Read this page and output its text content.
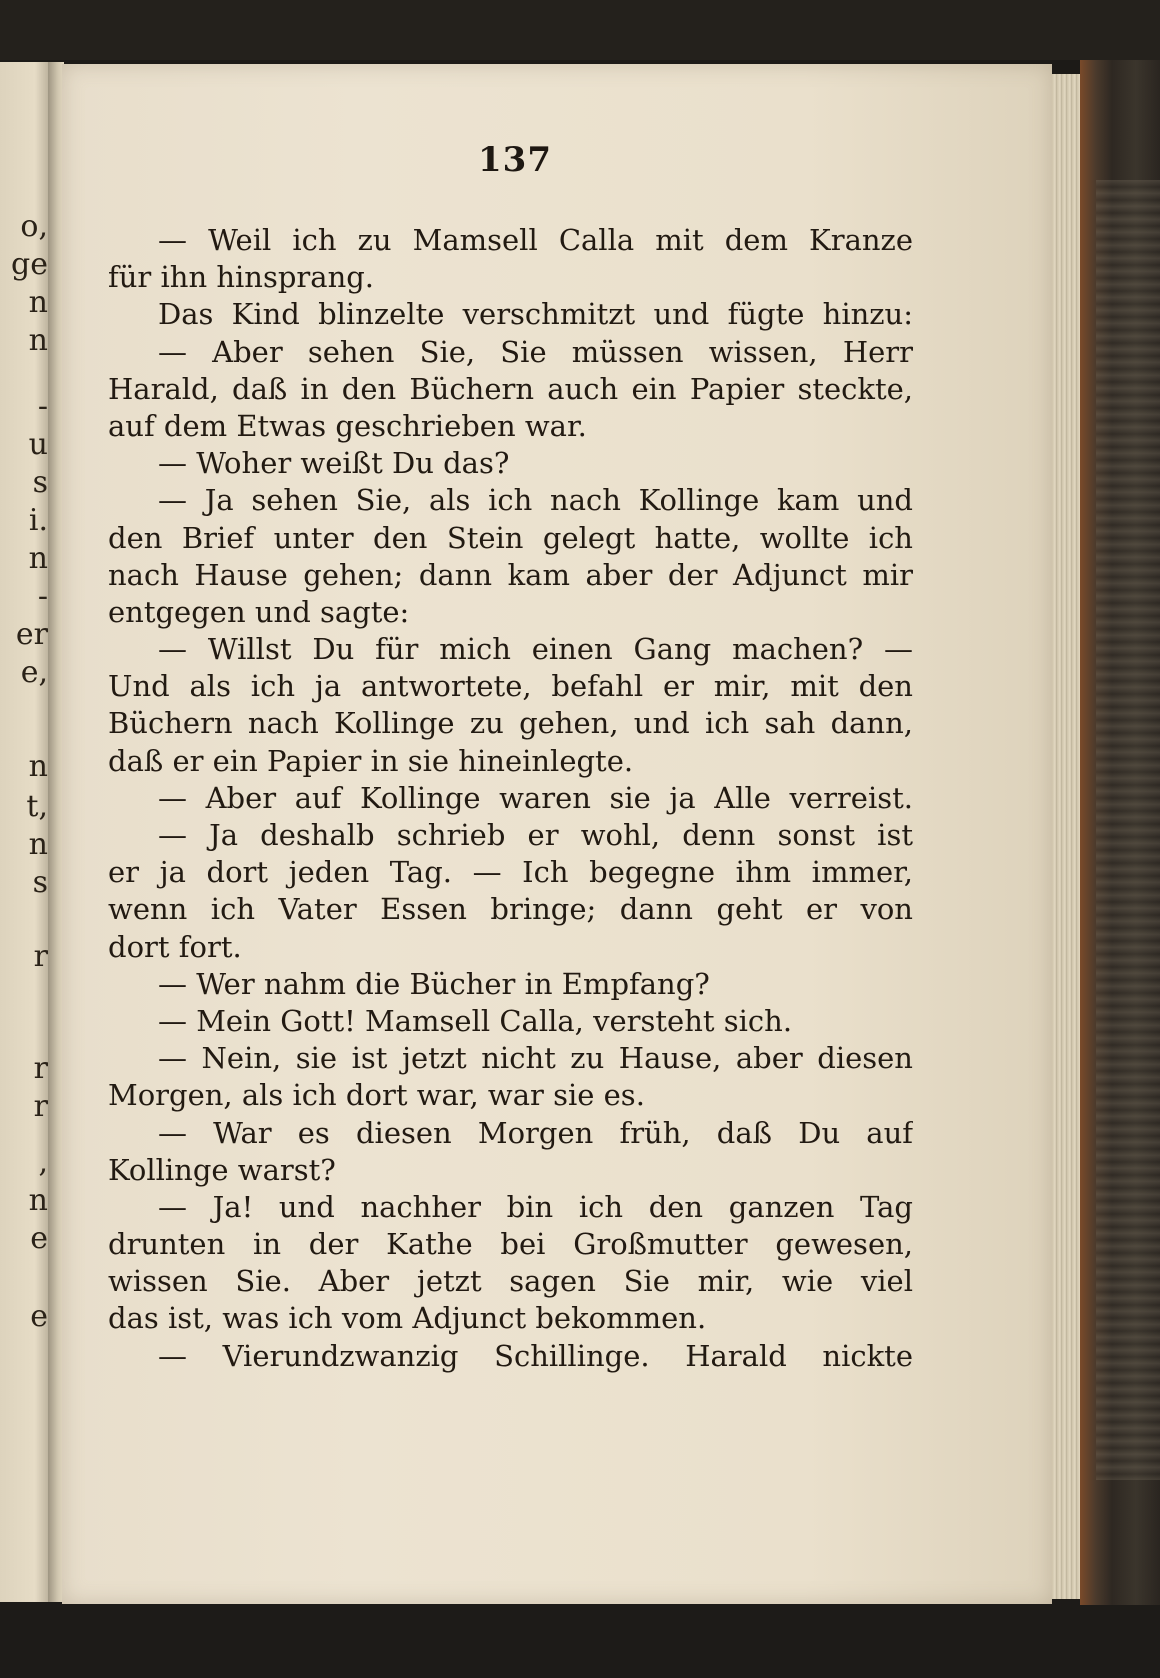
o,
ge
n
n
-
u
s
i.
n
-
er
e,
n
t,
n
s
r
r
r
,
n
e
e
137
— Weil ich zu Mamsell Calla mit dem Kranze
für ihn hinsprang.
Das Kind blinzelte verschmitzt und fügte hinzu:
— Aber sehen Sie, Sie müssen wissen, Herr
Harald, daß in den Büchern auch ein Papier steckte,
auf dem Etwas geschrieben war.
— Woher weißt Du das?
— Ja sehen Sie, als ich nach Kollinge kam und
den Brief unter den Stein gelegt hatte, wollte ich
nach Hause gehen; dann kam aber der Adjunct mir
entgegen und sagte:
— Willst Du für mich einen Gang machen? —
Und als ich ja antwortete, befahl er mir, mit den
Büchern nach Kollinge zu gehen, und ich sah dann,
daß er ein Papier in sie hineinlegte.
— Aber auf Kollinge waren sie ja Alle verreist.
— Ja deshalb schrieb er wohl, denn sonst ist
er ja dort jeden Tag. — Ich begegne ihm immer,
wenn ich Vater Essen bringe; dann geht er von
dort fort.
— Wer nahm die Bücher in Empfang?
— Mein Gott! Mamsell Calla, versteht sich.
— Nein, sie ist jetzt nicht zu Hause, aber diesen
Morgen, als ich dort war, war sie es.
— War es diesen Morgen früh, daß Du auf
Kollinge warst?
— Ja! und nachher bin ich den ganzen Tag
drunten in der Kathe bei Großmutter gewesen,
wissen Sie. Aber jetzt sagen Sie mir, wie viel
das ist, was ich vom Adjunct bekommen.
— Vierundzwanzig Schillinge. Harald nickte
